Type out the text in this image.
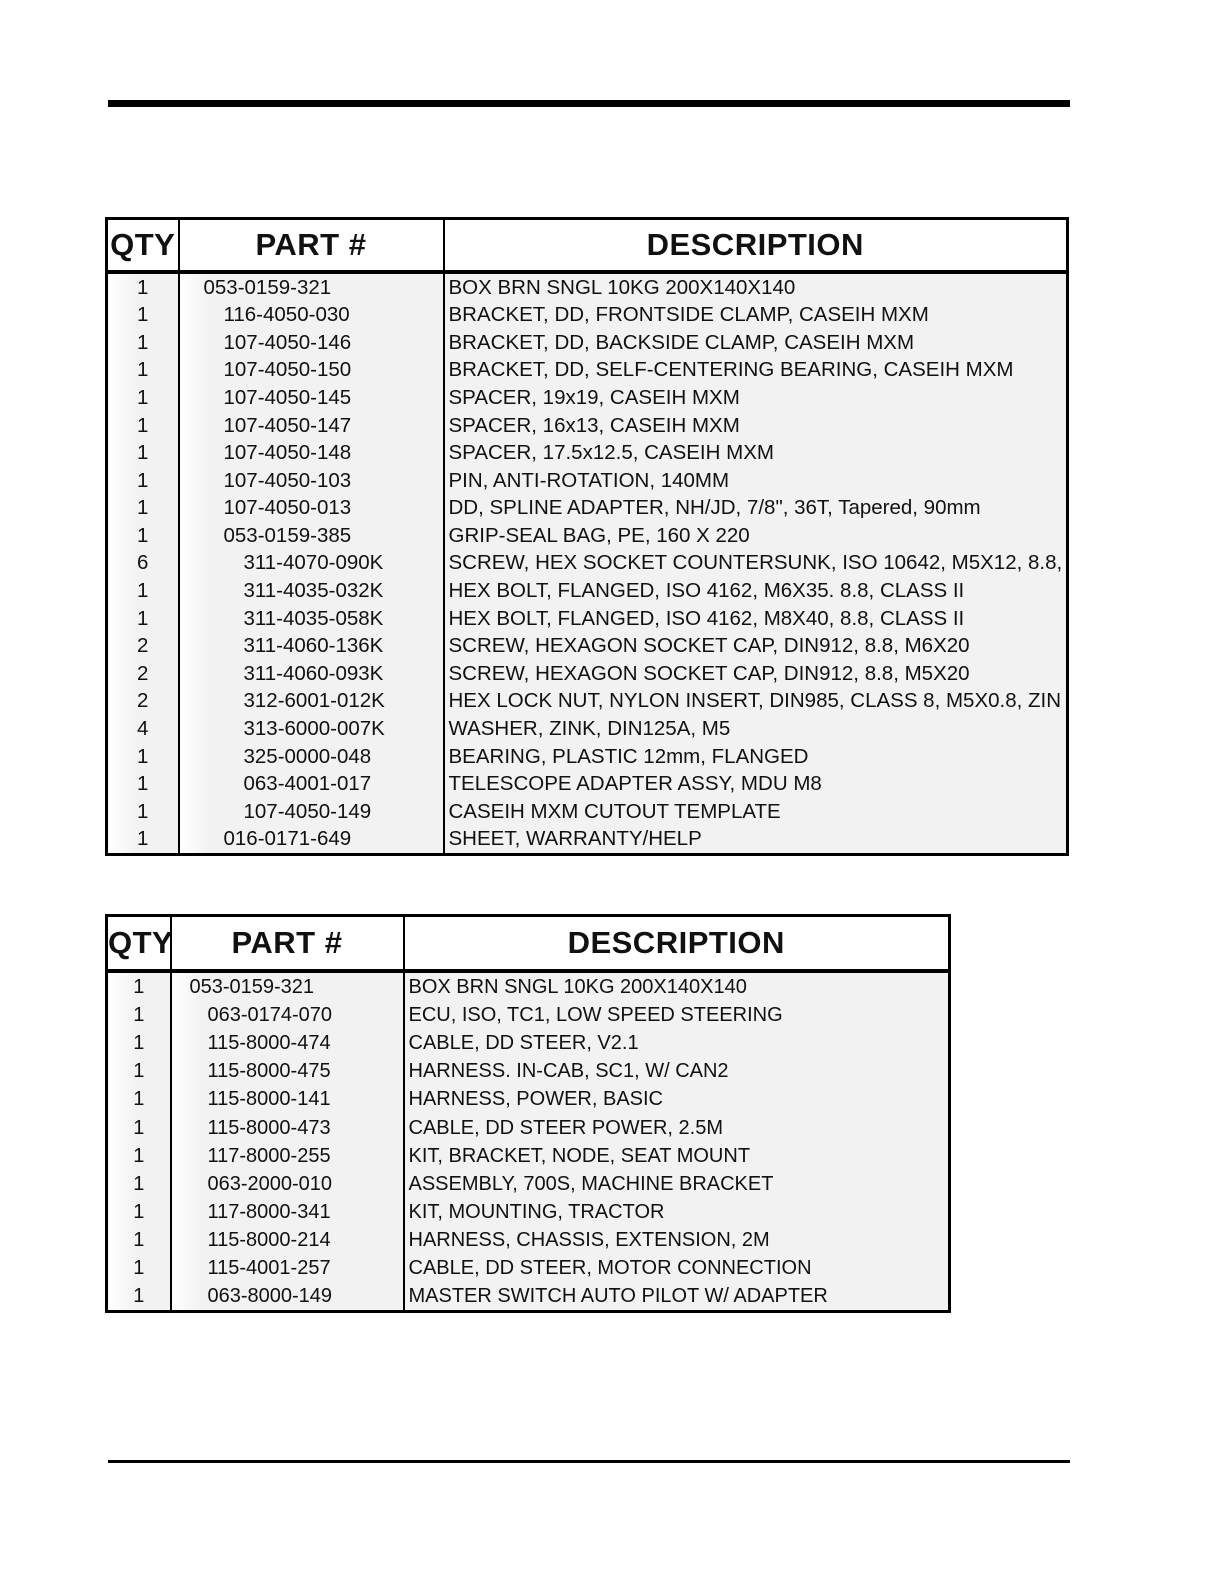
QTY	PART #	DESCRIPTION
1	053-0159-321	BOX BRN SNGL 10KG 200X140X140
1	116-4050-030	BRACKET, DD, FRONTSIDE CLAMP, CASEIH MXM
1	107-4050-146	BRACKET, DD, BACKSIDE CLAMP, CASEIH MXM
1	107-4050-150	BRACKET, DD, SELF-CENTERING BEARING, CASEIH MXM
1	107-4050-145	SPACER, 19x19, CASEIH MXM
1	107-4050-147	SPACER, 16x13, CASEIH MXM
1	107-4050-148	SPACER, 17.5x12.5, CASEIH MXM
1	107-4050-103	PIN, ANTI-ROTATION, 140MM
1	107-4050-013	DD, SPLINE ADAPTER, NH/JD, 7/8", 36T, Tapered, 90mm
1	053-0159-385	GRIP-SEAL BAG, PE, 160 X 220
6	311-4070-090K	SCREW, HEX SOCKET COUNTERSUNK, ISO 10642, M5X12, 8.8,
1	311-4035-032K	HEX BOLT, FLANGED, ISO 4162, M6X35. 8.8, CLASS II
1	311-4035-058K	HEX BOLT, FLANGED, ISO 4162, M8X40, 8.8, CLASS II
2	311-4060-136K	SCREW, HEXAGON SOCKET CAP, DIN912, 8.8, M6X20
2	311-4060-093K	SCREW, HEXAGON SOCKET CAP, DIN912, 8.8, M5X20
2	312-6001-012K	HEX LOCK NUT, NYLON INSERT, DIN985, CLASS 8, M5X0.8, ZIN
4	313-6000-007K	WASHER, ZINK, DIN125A, M5
1	325-0000-048	BEARING, PLASTIC 12mm, FLANGED
1	063-4001-017	TELESCOPE ADAPTER ASSY, MDU M8
1	107-4050-149	CASEIH MXM CUTOUT TEMPLATE
1	016-0171-649	SHEET, WARRANTY/HELP
QTY	PART #	DESCRIPTION
1	053-0159-321	BOX BRN SNGL 10KG 200X140X140
1	063-0174-070	ECU, ISO, TC1, LOW SPEED STEERING
1	115-8000-474	CABLE, DD STEER, V2.1
1	115-8000-475	HARNESS. IN-CAB, SC1, W/ CAN2
1	115-8000-141	HARNESS, POWER, BASIC
1	115-8000-473	CABLE, DD STEER POWER, 2.5M
1	117-8000-255	KIT, BRACKET, NODE, SEAT MOUNT
1	063-2000-010	ASSEMBLY, 700S, MACHINE BRACKET
1	117-8000-341	KIT, MOUNTING, TRACTOR
1	115-8000-214	HARNESS, CHASSIS, EXTENSION, 2M
1	115-4001-257	CABLE, DD STEER, MOTOR CONNECTION
1	063-8000-149	MASTER SWITCH AUTO PILOT W/ ADAPTER
